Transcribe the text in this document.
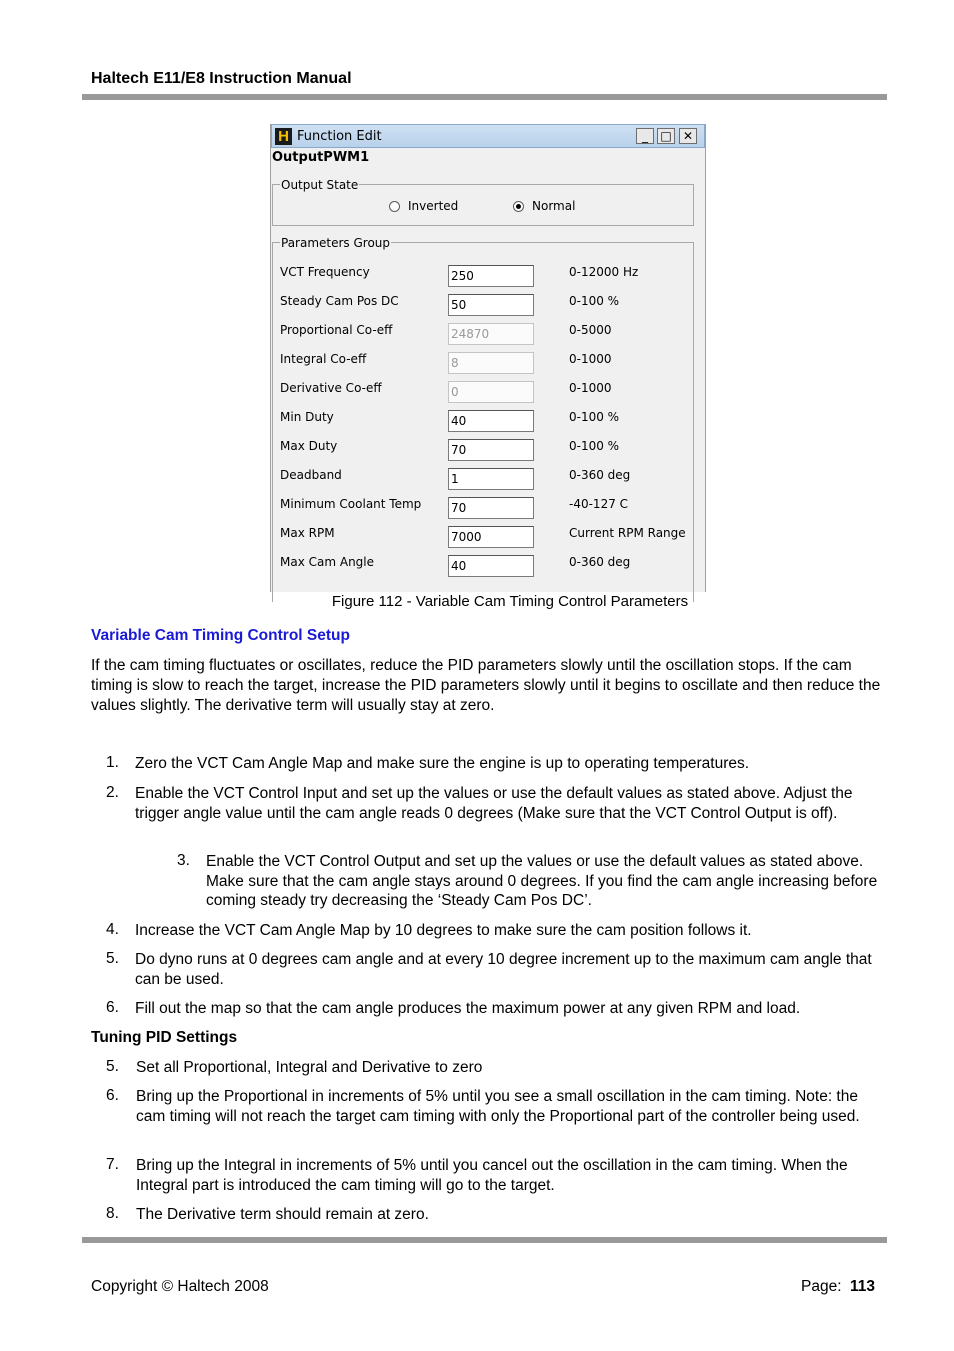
Haltech E11/E8 Instruction Manual
H Function Edit	_	□ ✕
OutputPWM1
Output State
Inverted	Normal
Parameters Group
VCT Frequency	250	0-12000 Hz
Steady Cam Pos DC	50	0-100 %
Proportional Co-eff	24870	0-5000
Integral Co-eff	8	0-1000
Derivative Co-eff	0	0-1000
Min Duty	40	0-100 %
Max Duty	70	0-100 %
Deadband	1	0-360 deg
Minimum Coolant Temp 70	-40-127 C
Max RPM	7000	Current RPM Range
Max Cam Angle	40	0-360 deg
Figure 112 - Variable Cam Timing Control Parameters
Variable Cam Timing Control Setup
If the cam timing fluctuates or oscillates, reduce the PID parameters slowly until the oscillation stops. If the cam timing is slow to reach the target, increase the PID parameters slowly until it begins to oscillate and then reduce the values slightly. The derivative term will usually stay at zero.
1. Zero the VCT Cam Angle Map and make sure the engine is up to operating temperatures.
2. Enable the VCT Control Input and set up the values or use the default values as stated above. Adjust the trigger angle value until the cam angle reads 0 degrees (Make sure that the VCT Control Output is off).
3. Enable the VCT Control Output and set up the values or use the default values as stated above. Make sure that the cam angle stays around 0 degrees. If you find the cam angle increasing before coming steady try decreasing the ‘Steady Cam Pos DC’.
4. Increase the VCT Cam Angle Map by 10 degrees to make sure the cam position follows it.
5. Do dyno runs at 0 degrees cam angle and at every 10 degree increment up to the maximum cam angle that can be used.
6. Fill out the map so that the cam angle produces the maximum power at any given RPM and load.
Tuning PID Settings
5. Set all Proportional, Integral and Derivative to zero
6. Bring up the Proportional in increments of 5% until you see a small oscillation in the cam timing. Note: the cam timing will not reach the target cam timing with only the Proportional part of the controller being used.
7. Bring up the Integral in increments of 5% until you cancel out the oscillation in the cam timing. When the Integral part is introduced the cam timing will go to the target.
8. The Derivative term should remain at zero.
Copyright © Haltech 2008	Page: 113
